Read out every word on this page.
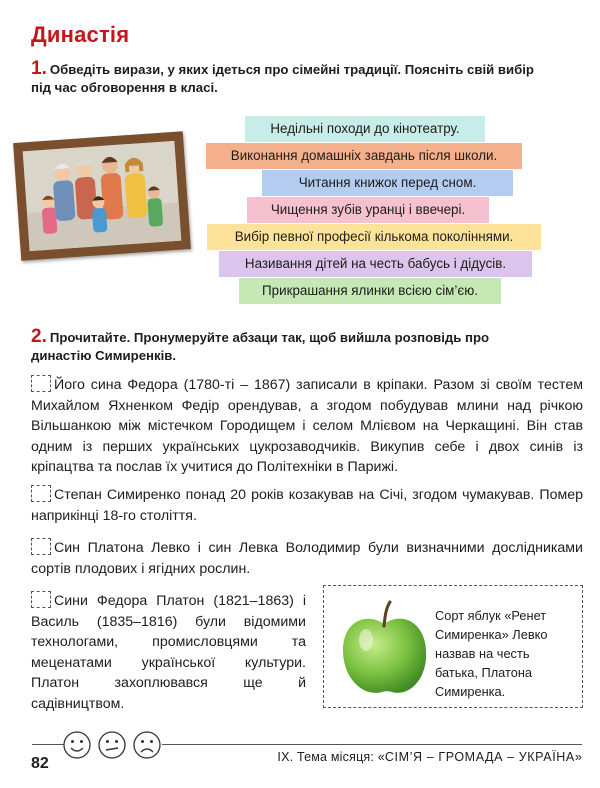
Династія
1. Обведіть вирази, у яких ідеться про сімейні традиції. Поясніть свій вибір під час обговорення в класі.
Недільні походи до кінотеатру.
Виконання домашніх завдань після школи.
Читання книжок перед сном.
Чищення зубів уранці і ввечері.
Вибір певної професії кількома поколіннями.
Називання дітей на честь бабусь і дідусів.
Прикрашання ялинки всією сім’єю.
2. Прочитайте. Пронумеруйте абзаци так, щоб вийшла розповідь про династію Симиренків.
Його сина Федора (1780-ті – 1867) записали в кріпаки. Разом зі своїм тестем Михайлом Яхненком Федір орендував, а згодом побудував млини над річкою Вільшанкою між містечком Городищем і селом Млієвом на Черкащині. Він став одним із перших українських цукрозаводчиків. Викупив себе і двох синів із кріпацтва та послав їх учитися до Політехніки в Парижі.
Степан Симиренко понад 20 років козакував на Січі, згодом чумакував. Помер наприкінці 18-го століття.
Син Платона Левко і син Левка Володимир були визначними дослідниками сортів плодових і ягідних рослин.
Сини Федора Платон (1821–1863) і Василь (1835–1816) були відомими технологами, промисловцями та меценатами української культури. Платон захоплювався ще й садівництвом.
Сорт яблук «Ренет Симиренка» Левко назвав на честь батька, Платона Симиренка.
82	ІХ. Тема місяця: «СІМ’Я – ГРОМАДА – УКРАЇНА»
